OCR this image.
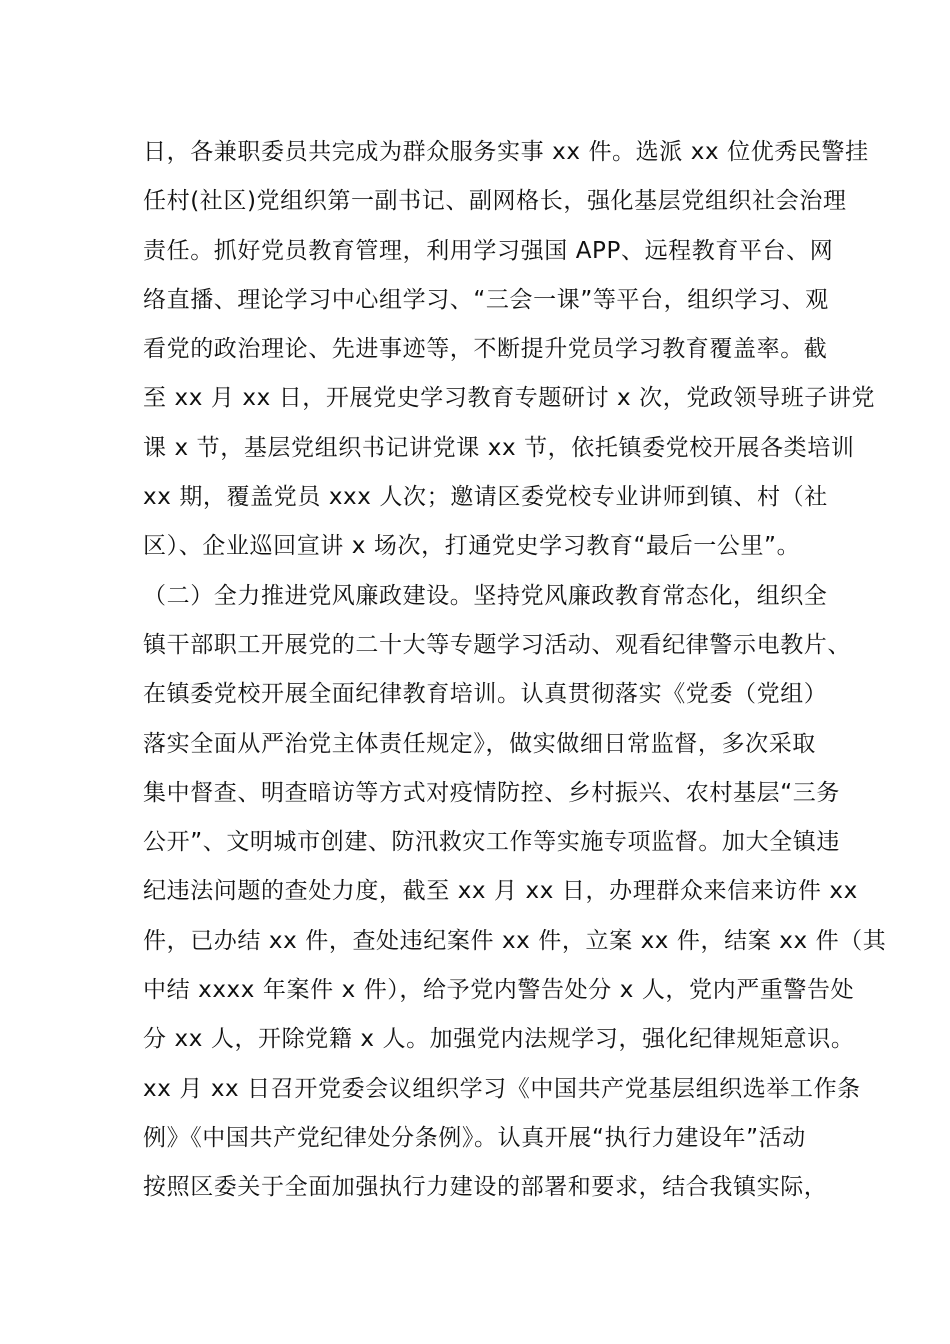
日，各兼职委员共完成为群众服务实事 xx 件。选派 xx 位优秀民警挂
任村(社区)党组织第一副书记、副网格长，强化基层党组织社会治理
责任。抓好党员教育管理，利用学习强国 APP、远程教育平台、网
络直播、理论学习中心组学习、“三会一课”等平台，组织学习、观
看党的政治理论、先进事迹等，不断提升党员学习教育覆盖率。截
至 xx 月 xx 日，开展党史学习教育专题研讨 x 次，党政领导班子讲党
课 x 节，基层党组织书记讲党课 xx 节，依托镇委党校开展各类培训
xx 期，覆盖党员 xxx 人次；邀请区委党校专业讲师到镇、村（社
区）、企业巡回宣讲 x 场次，打通党史学习教育“最后一公里”。
（二）全力推进党风廉政建设。坚持党风廉政教育常态化，组织全
镇干部职工开展党的二十大等专题学习活动、观看纪律警示电教片、
在镇委党校开展全面纪律教育培训。认真贯彻落实《党委（党组）
落实全面从严治党主体责任规定》，做实做细日常监督，多次采取
集中督查、明查暗访等方式对疫情防控、乡村振兴、农村基层“三务
公开”、文明城市创建、防汛救灾工作等实施专项监督。加大全镇违
纪违法问题的查处力度，截至 xx 月 xx 日，办理群众来信来访件 xx
件，已办结 xx 件，查处违纪案件 xx 件，立案 xx 件，结案 xx 件（其
中结 xxxx 年案件 x 件），给予党内警告处分 x 人，党内严重警告处
分 xx 人，开除党籍 x 人。加强党内法规学习，强化纪律规矩意识。
xx 月 xx 日召开党委会议组织学习《中国共产党基层组织选举工作条
例》《中国共产党纪律处分条例》。认真开展“执行力建设年”活动
按照区委关于全面加强执行力建设的部署和要求，结合我镇实际，
